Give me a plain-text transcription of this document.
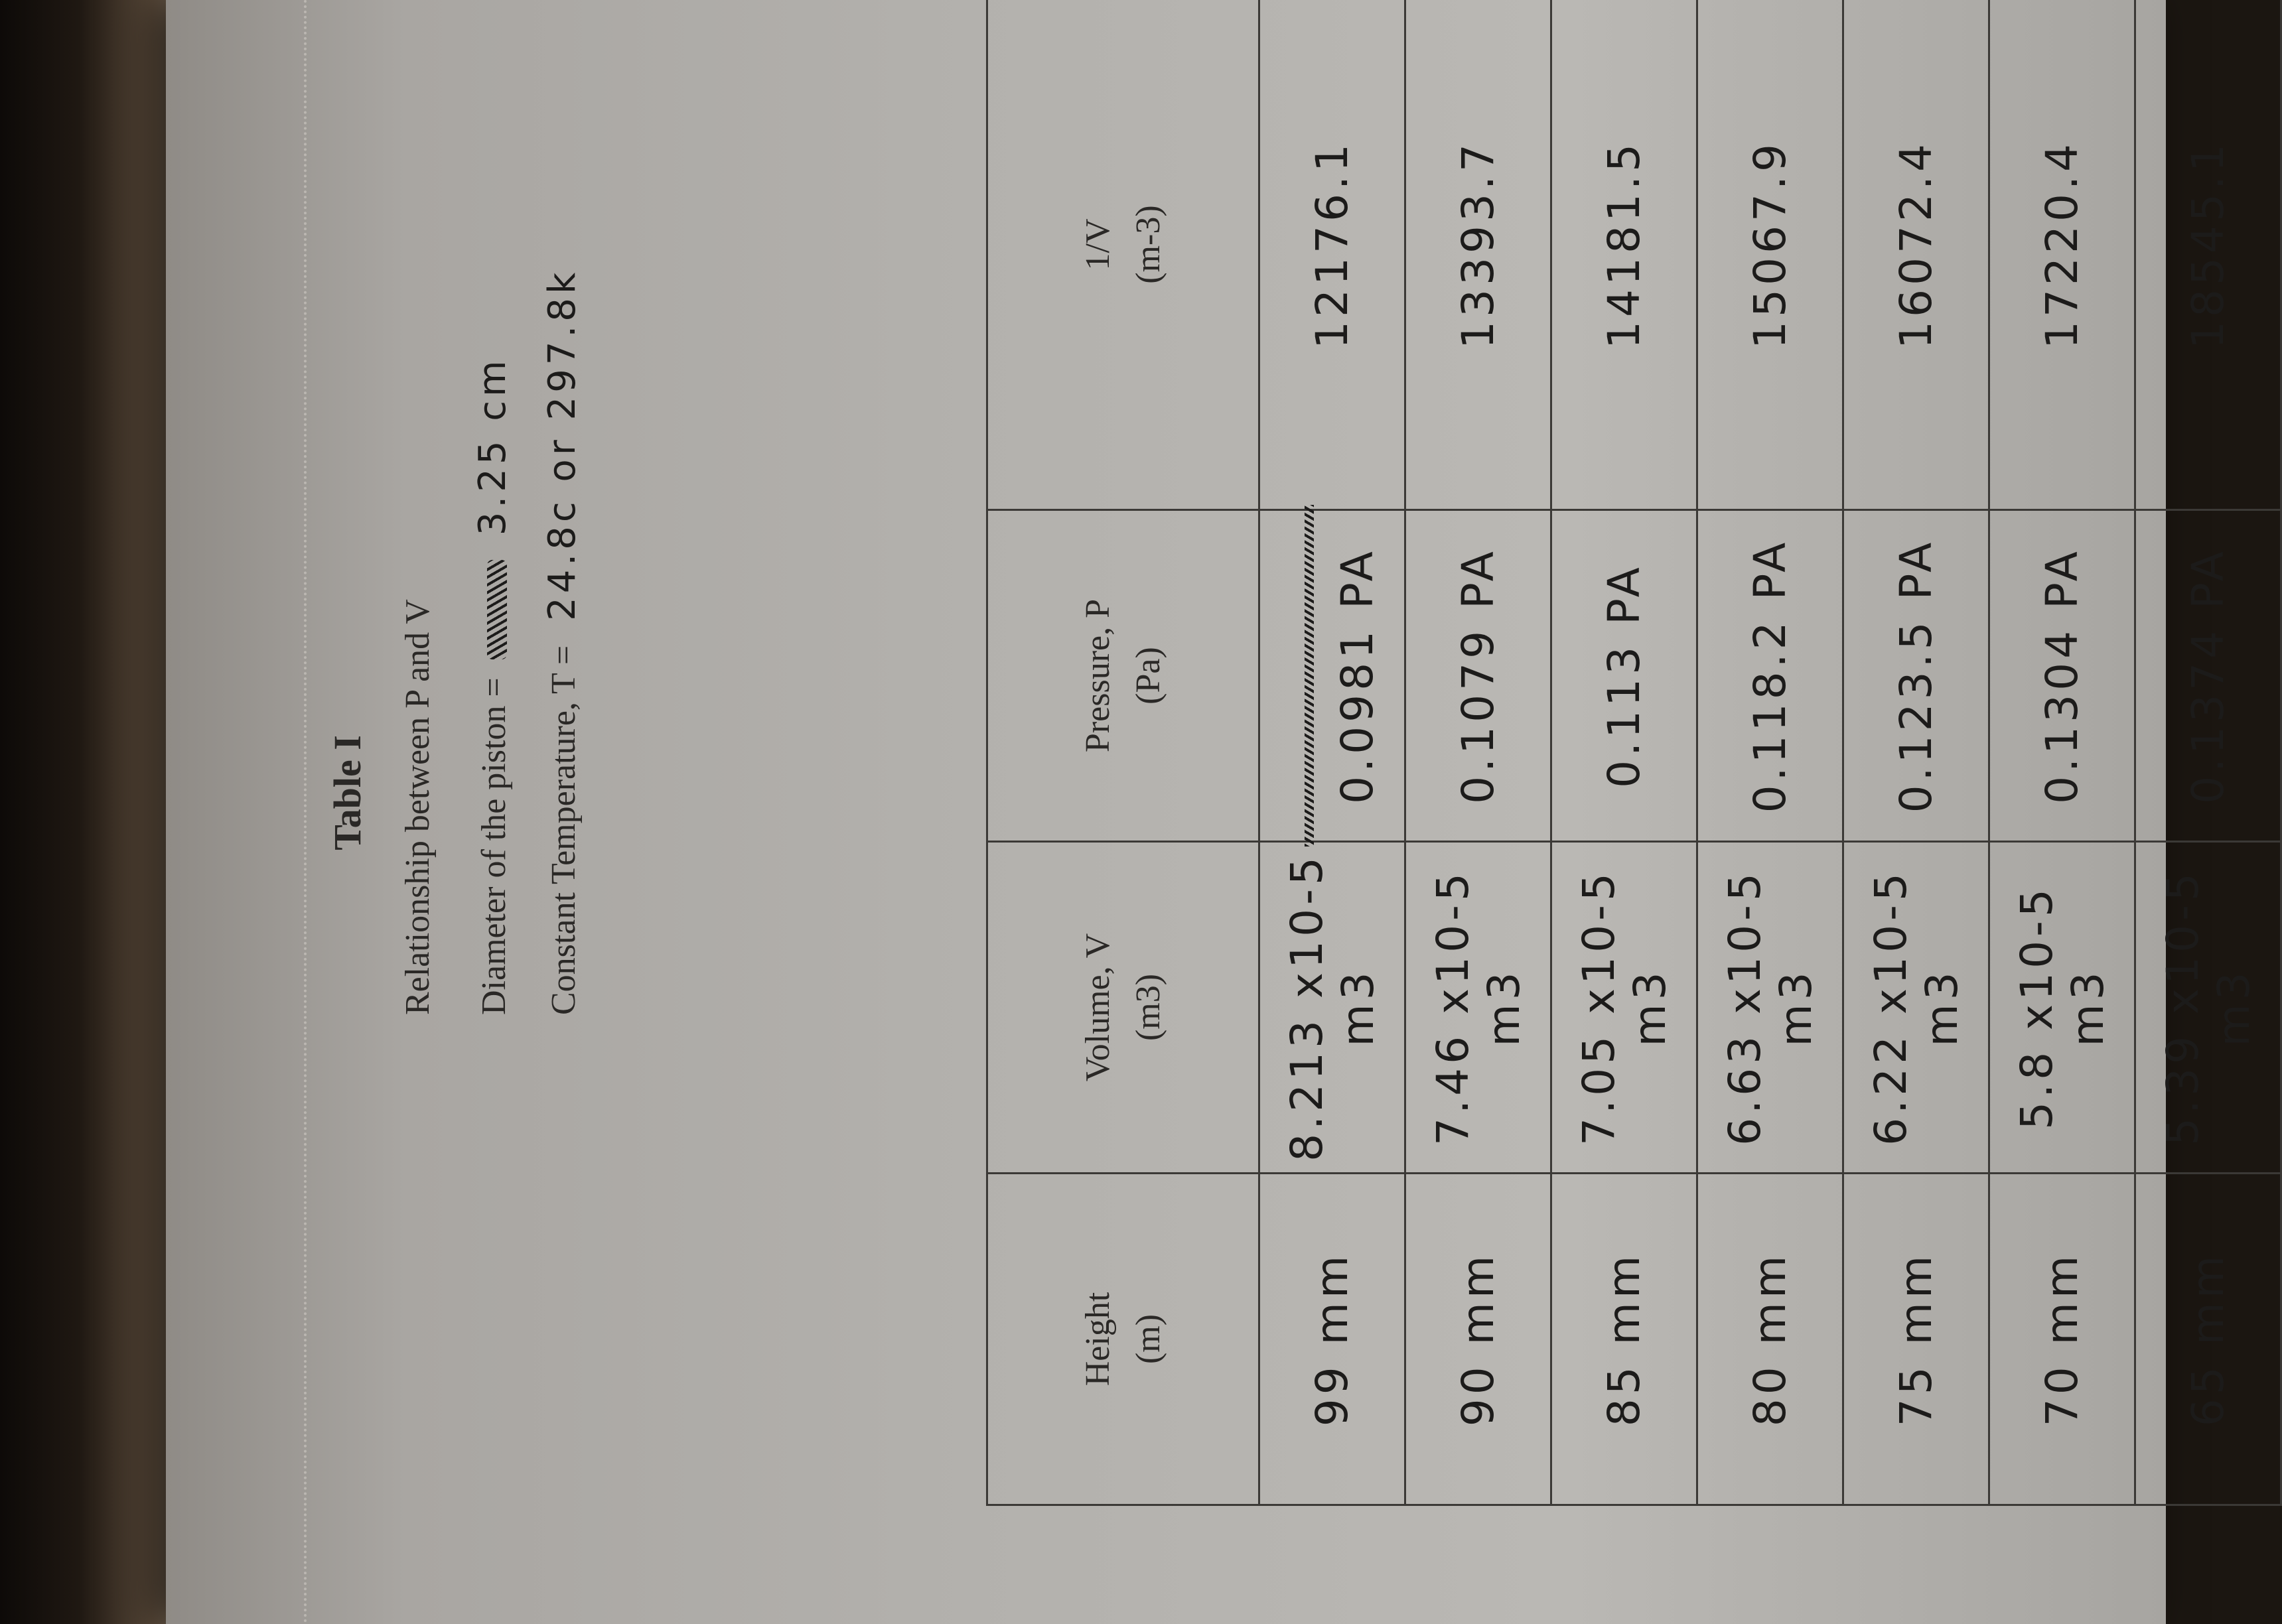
Table I Relationship between P and V Diameter of the piston =  3.25 cm
Constant Temperature, T = 24.8c or 297.8k
Height (m)	Volume, V (m3)	Pressure, P (Pa)	1/V (m-3)

99 mm	8.213 x10-5 m3	0.0981 PA	12176.1
90 mm	7.46 x10-5 m3	0.1079 PA	13393.7
85 mm	7.05 x10-5 m3	0.113 PA	14181.5
80 mm	6.63 x10-5 m3	0.118.2 PA	15067.9
75 mm	6.22 x10-5 m3	0.123.5 PA	16072.4
70 mm	5.8 x10-5 m3	0.1304 PA	17220.4
65 mm	5.39 x10-5 m3	0.1374 PA	18545.1
